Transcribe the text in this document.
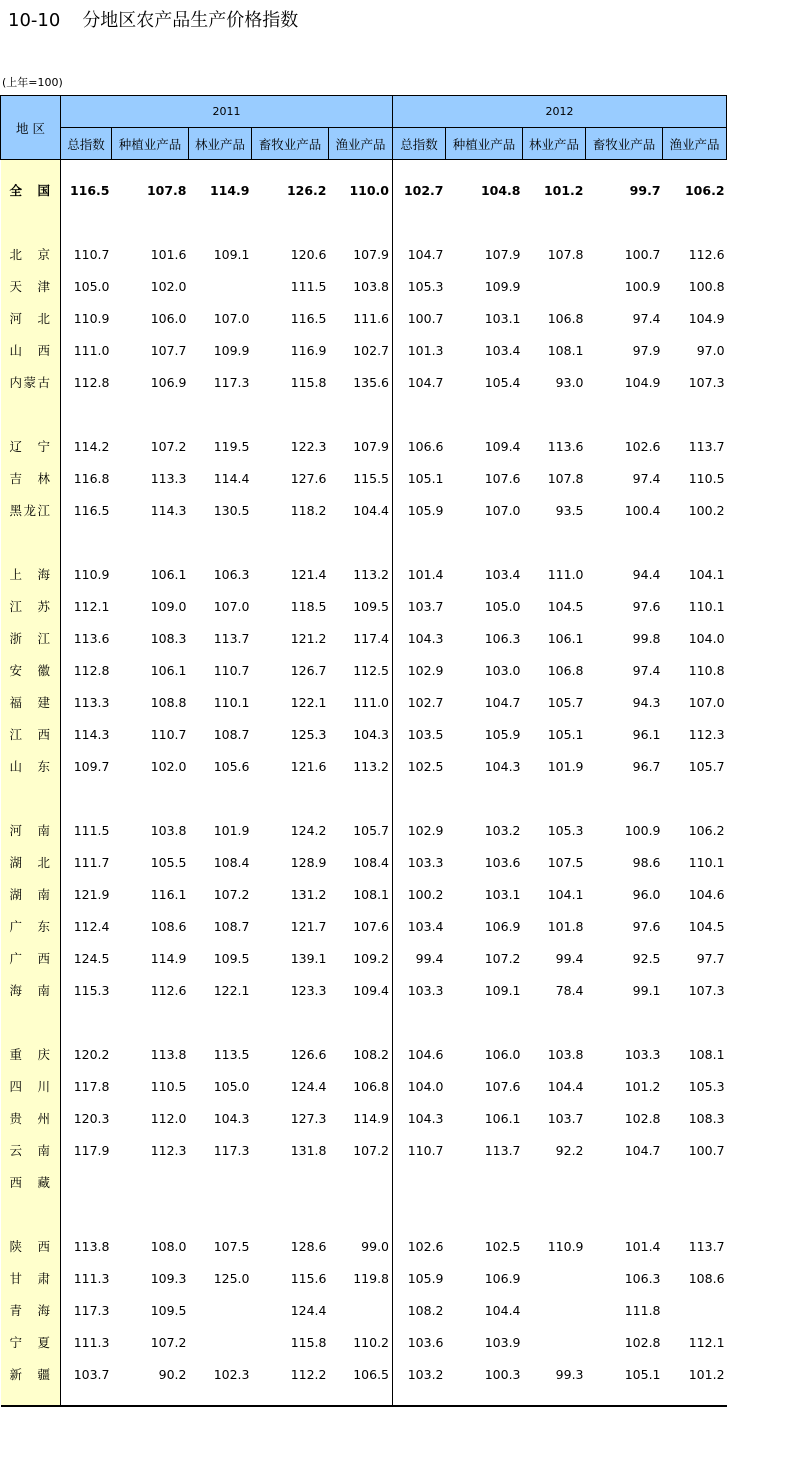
10-10 分地区农产品生产价格指数
(上年=100)
地 区	2011					2012				
	总指数	种植业产品	林业产品	畜牧业产品	渔业产品	总指数	种植业产品	林业产品	畜牧业产品	渔业产品

全 国	116.5	107.8	114.9	126.2	110.0	102.7	104.8	101.2	99.7	106.2

北 京	110.7	101.6	109.1	120.6	107.9	104.7	107.9	107.8	100.7	112.6
天 津	105.0	102.0		111.5	103.8	105.3	109.9		100.9	100.8
河 北	110.9	106.0	107.0	116.5	111.6	100.7	103.1	106.8	97.4	104.9
山 西	111.0	107.7	109.9	116.9	102.7	101.3	103.4	108.1	97.9	97.0
内蒙古	112.8	106.9	117.3	115.8	135.6	104.7	105.4	93.0	104.9	107.3

辽 宁	114.2	107.2	119.5	122.3	107.9	106.6	109.4	113.6	102.6	113.7
吉 林	116.8	113.3	114.4	127.6	115.5	105.1	107.6	107.8	97.4	110.5
黑龙江	116.5	114.3	130.5	118.2	104.4	105.9	107.0	93.5	100.4	100.2

上 海	110.9	106.1	106.3	121.4	113.2	101.4	103.4	111.0	94.4	104.1
江 苏	112.1	109.0	107.0	118.5	109.5	103.7	105.0	104.5	97.6	110.1
浙 江	113.6	108.3	113.7	121.2	117.4	104.3	106.3	106.1	99.8	104.0
安 徽	112.8	106.1	110.7	126.7	112.5	102.9	103.0	106.8	97.4	110.8
福 建	113.3	108.8	110.1	122.1	111.0	102.7	104.7	105.7	94.3	107.0
江 西	114.3	110.7	108.7	125.3	104.3	103.5	105.9	105.1	96.1	112.3
山 东	109.7	102.0	105.6	121.6	113.2	102.5	104.3	101.9	96.7	105.7

河 南	111.5	103.8	101.9	124.2	105.7	102.9	103.2	105.3	100.9	106.2
湖 北	111.7	105.5	108.4	128.9	108.4	103.3	103.6	107.5	98.6	110.1
湖 南	121.9	116.1	107.2	131.2	108.1	100.2	103.1	104.1	96.0	104.6
广 东	112.4	108.6	108.7	121.7	107.6	103.4	106.9	101.8	97.6	104.5
广 西	124.5	114.9	109.5	139.1	109.2	99.4	107.2	99.4	92.5	97.7
海 南	115.3	112.6	122.1	123.3	109.4	103.3	109.1	78.4	99.1	107.3

重 庆	120.2	113.8	113.5	126.6	108.2	104.6	106.0	103.8	103.3	108.1
四 川	117.8	110.5	105.0	124.4	106.8	104.0	107.6	104.4	101.2	105.3
贵 州	120.3	112.0	104.3	127.3	114.9	104.3	106.1	103.7	102.8	108.3
云 南	117.9	112.3	117.3	131.8	107.2	110.7	113.7	92.2	104.7	100.7
西 藏										

陕 西	113.8	108.0	107.5	128.6	99.0	102.6	102.5	110.9	101.4	113.7
甘 肃	111.3	109.3	125.0	115.6	119.8	105.9	106.9		106.3	108.6
青 海	117.3	109.5		124.4		108.2	104.4		111.8	
宁 夏	111.3	107.2		115.8	110.2	103.6	103.9		102.8	112.1
新 疆	103.7	90.2	102.3	112.2	106.5	103.2	100.3	99.3	105.1	101.2
